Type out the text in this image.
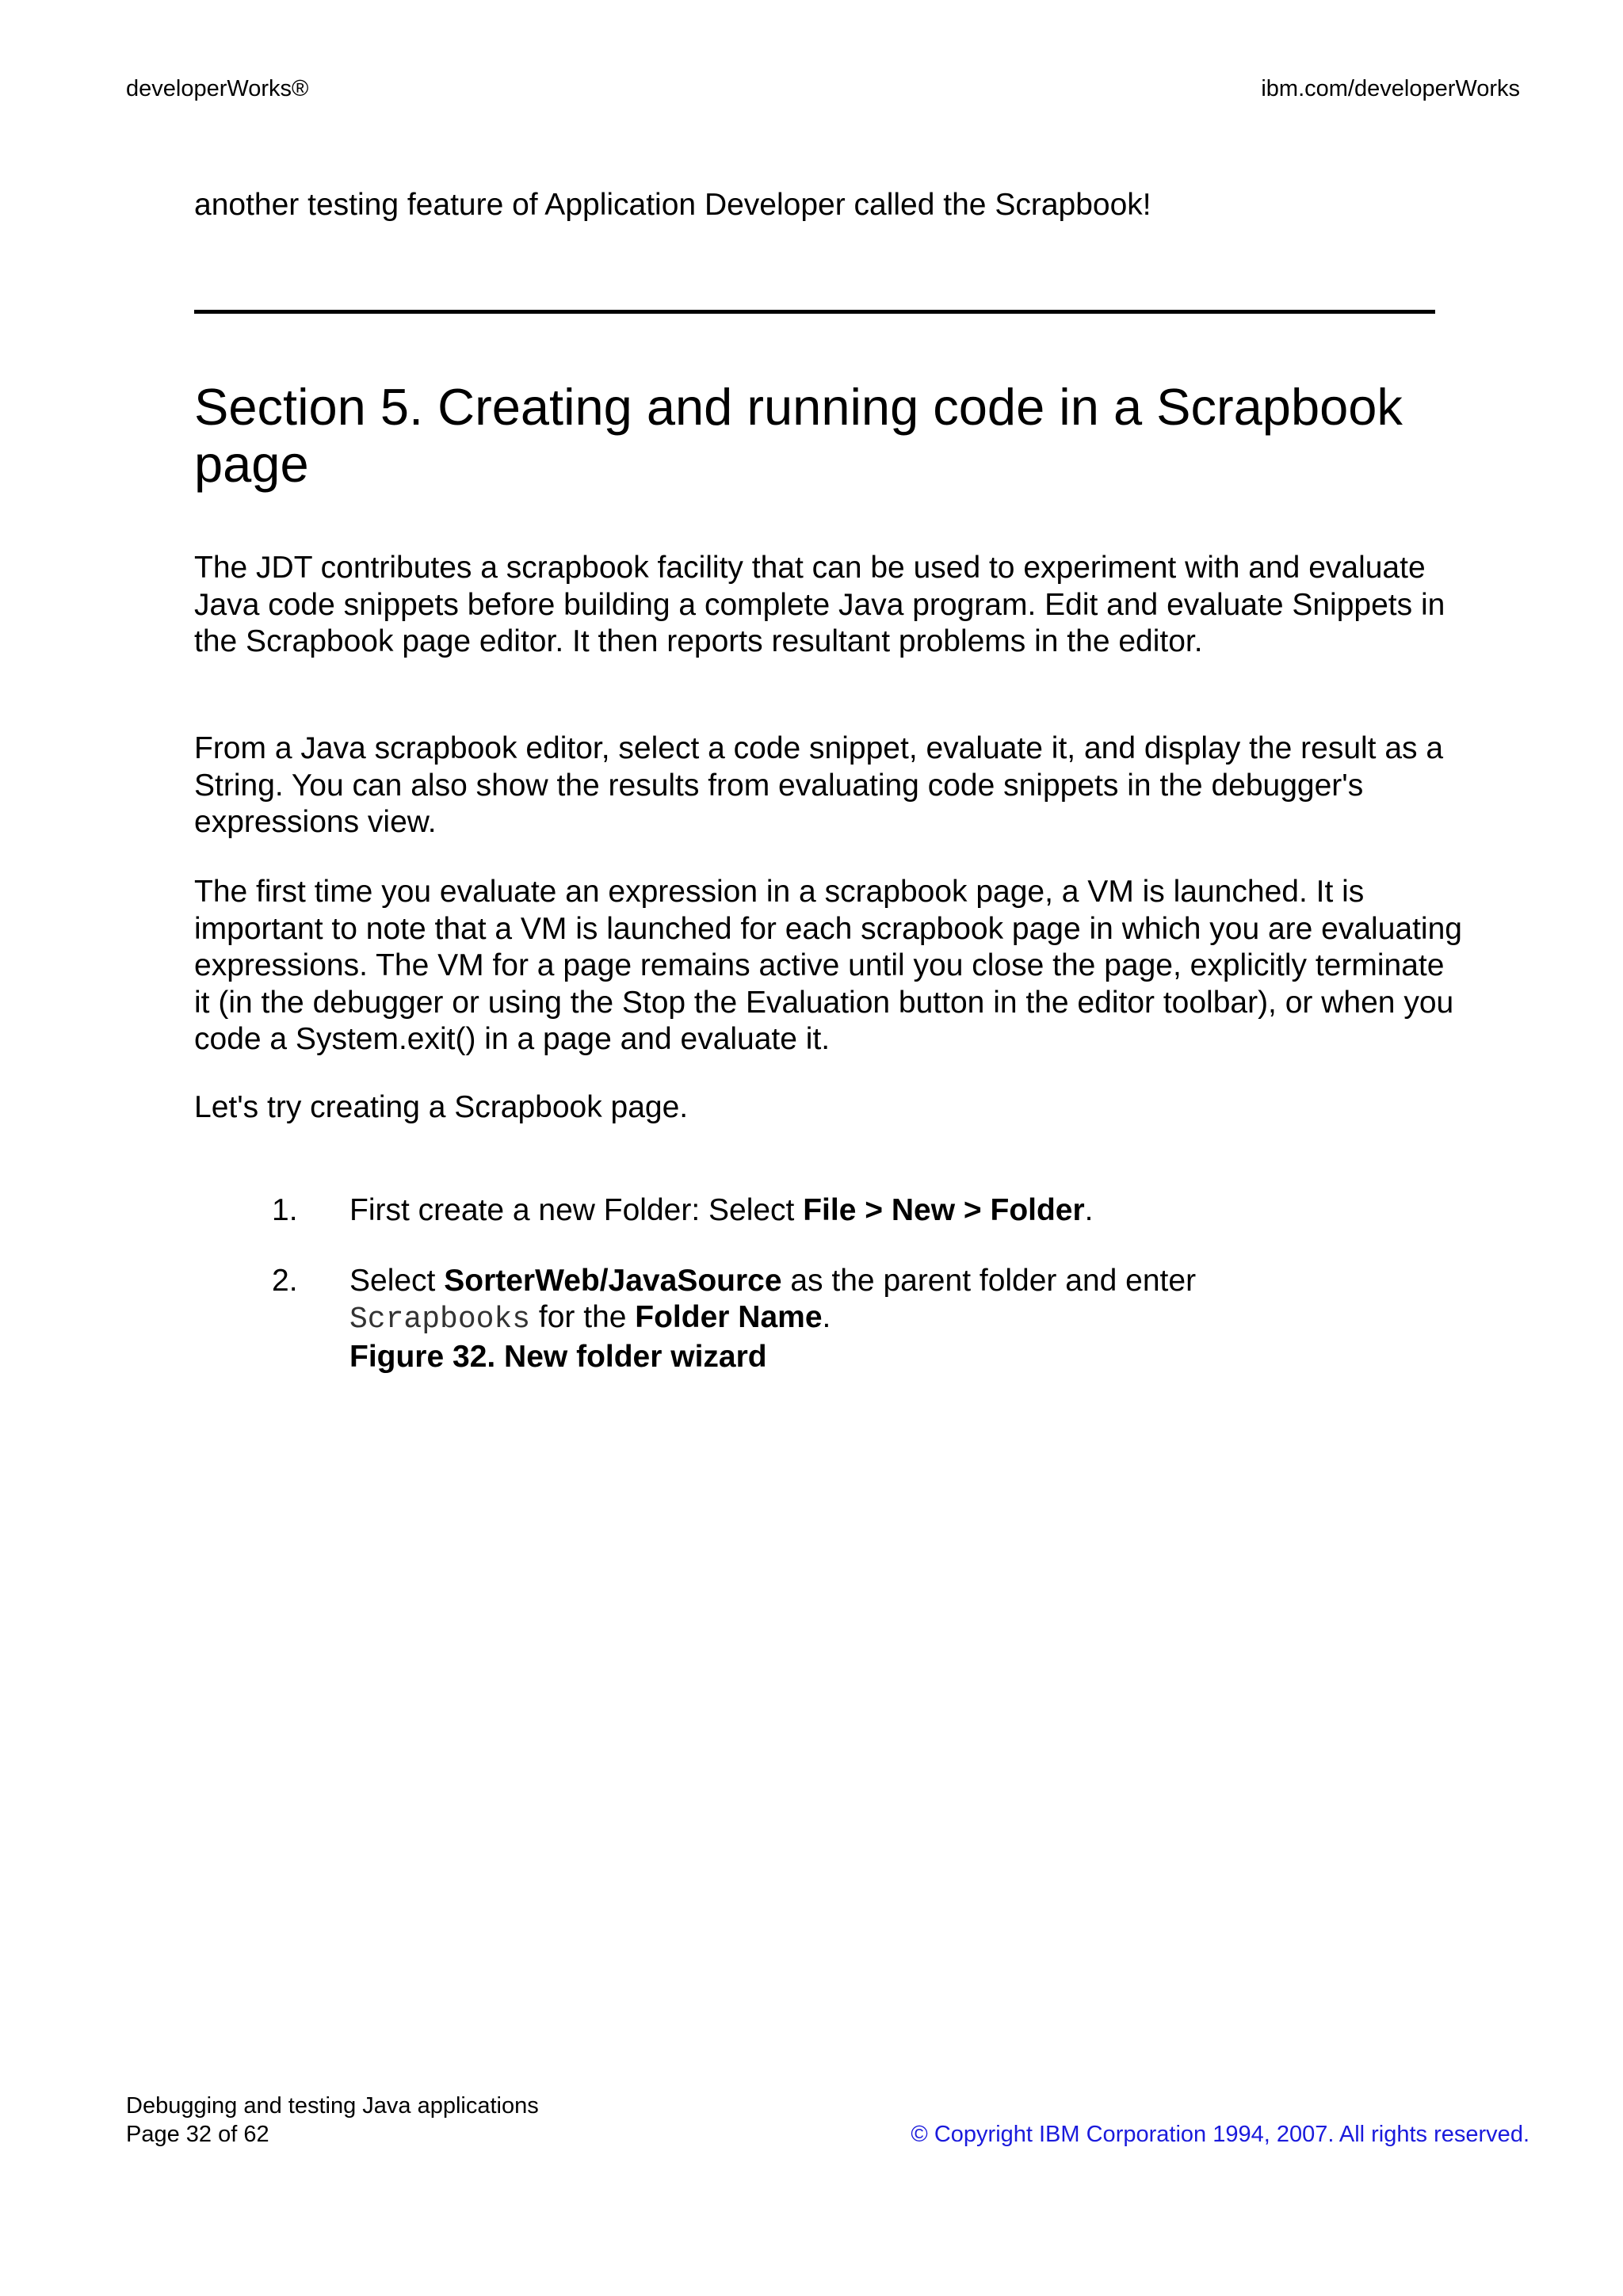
developerWorks®	ibm.com/developerWorks

another testing feature of Application Developer called the Scrapbook!

Section 5. Creating and running code in a Scrapbook page

The JDT contributes a scrapbook facility that can be used to experiment with and evaluate Java code snippets before building a complete Java program. Edit and evaluate Snippets in the Scrapbook page editor. It then reports resultant problems in the editor.

From a Java scrapbook editor, select a code snippet, evaluate it, and display the result as a String. You can also show the results from evaluating code snippets in the debugger's expressions view.

The first time you evaluate an expression in a scrapbook page, a VM is launched. It is important to note that a VM is launched for each scrapbook page in which you are evaluating expressions. The VM for a page remains active until you close the page, explicitly terminate it (in the debugger or using the Stop the Evaluation button in the editor toolbar), or when you code a System.exit() in a page and evaluate it.

Let's try creating a Scrapbook page.

1. First create a new Folder: Select File > New > Folder.
2. Select SorterWeb/JavaSource as the parent folder and enter
Scrapbooks for the Folder Name.
Figure 32. New folder wizard
Debugging and testing Java applications
Page 32 of 62	© Copyright IBM Corporation 1994, 2007. All rights reserved.
